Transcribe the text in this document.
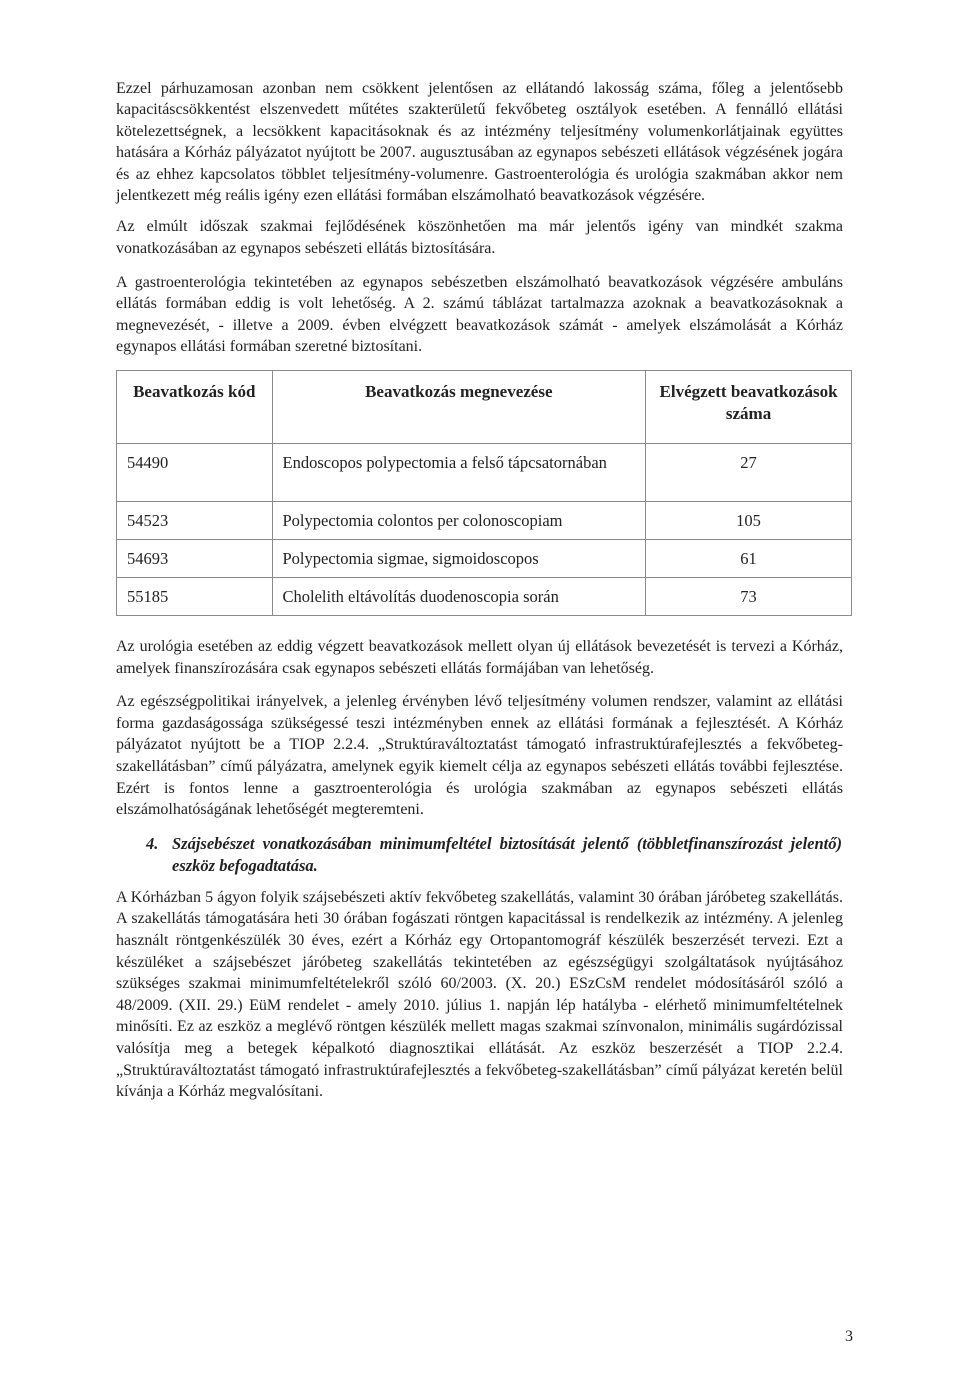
Ezzel párhuzamosan azonban nem csökkent jelentősen az ellátandó lakosság száma, főleg a jelentősebb kapacitáscsökkentést elszenvedett műtétes szakterületű fekvőbeteg osztályok esetében. A fennálló ellátási kötelezettségnek, a lecsökkent kapacitásoknak és az intézmény teljesítmény volumenkorlátjainak együttes hatására a Kórház pályázatot nyújtott be 2007. augusztusában az egynapos sebészeti ellátások végzésének jogára és az ehhez kapcsolatos többlet teljesítmény-volumenre. Gastroenterológia és urológia szakmában akkor nem jelentkezett még reális igény ezen ellátási formában elszámolható beavatkozások végzésére.

Az elmúlt időszak szakmai fejlődésének köszönhetően ma már jelentős igény van mindkét szakma vonatkozásában az egynapos sebészeti ellátás biztosítására.

A gastroenterológia tekintetében az egynapos sebészetben elszámolható beavatkozások végzésére ambuláns ellátás formában eddig is volt lehetőség. A 2. számú táblázat tartalmazza azoknak a beavatkozásoknak a megnevezését, - illetve a 2009. évben elvégzett beavatkozások számát - amelyek elszámolását a Kórház egynapos ellátási formában szeretné biztosítani.

Beavatkozás kód	Beavatkozás megnevezése	Elvégzett beavatkozások száma
54490	Endoscopos polypectomia a felső tápcsatornában	27
54523	Polypectomia colontos per colonoscopiam	105
54693	Polypectomia sigmae, sigmoidoscopos	61
55185	Cholelith eltávolítás duodenoscopia során	73

Az urológia esetében az eddig végzett beavatkozások mellett olyan új ellátások bevezetését is tervezi a Kórház, amelyek finanszírozására csak egynapos sebészeti ellátás formájában van lehetőség.

Az egészségpolitikai irányelvek, a jelenleg érvényben lévő teljesítmény volumen rendszer, valamint az ellátási forma gazdaságossága szükségessé teszi intézményben ennek az ellátási formának a fejlesztését. A Kórház pályázatot nyújtott be a TIOP 2.2.4. „Struktúraváltoztatást támogató infrastruktúrafejlesztés a fekvőbeteg-szakellátásban” című pályázatra, amelynek egyik kiemelt célja az egynapos sebészeti ellátás további fejlesztése. Ezért is fontos lenne a gasztroenterológia és urológia szakmában az egynapos sebészeti ellátás elszámolhatóságának lehetőségét megteremteni.

4. Szájsebészet vonatkozásában minimumfeltétel biztosítását jelentő (többletfinanszírozást jelentő) eszköz befogadtatása.

A Kórházban 5 ágyon folyik szájsebészeti aktív fekvőbeteg szakellátás, valamint 30 órában járóbeteg szakellátás. A szakellátás támogatására heti 30 órában fogászati röntgen kapacitással is rendelkezik az intézmény. A jelenleg használt röntgenkészülék 30 éves, ezért a Kórház egy Ortopantomográf készülék beszerzését tervezi. Ezt a készüléket a szájsebészet járóbeteg szakellátás tekintetében az egészségügyi szolgáltatások nyújtásához szükséges szakmai minimumfeltételekről szóló 60/2003. (X. 20.) ESzCsM rendelet módosításáról szóló a 48/2009. (XII. 29.) EüM rendelet - amely 2010. július 1. napján lép hatályba - elérhető minimumfeltételnek minősíti. Ez az eszköz a meglévő röntgen készülék mellett magas szakmai színvonalon, minimális sugárdózissal valósítja meg a betegek képalkotó diagnosztikai ellátását. Az eszköz beszerzését a TIOP 2.2.4. „Struktúraváltoztatást támogató infrastruktúrafejlesztés a fekvőbeteg-szakellátásban” című pályázat keretén belül kívánja a Kórház megvalósítani.

3
